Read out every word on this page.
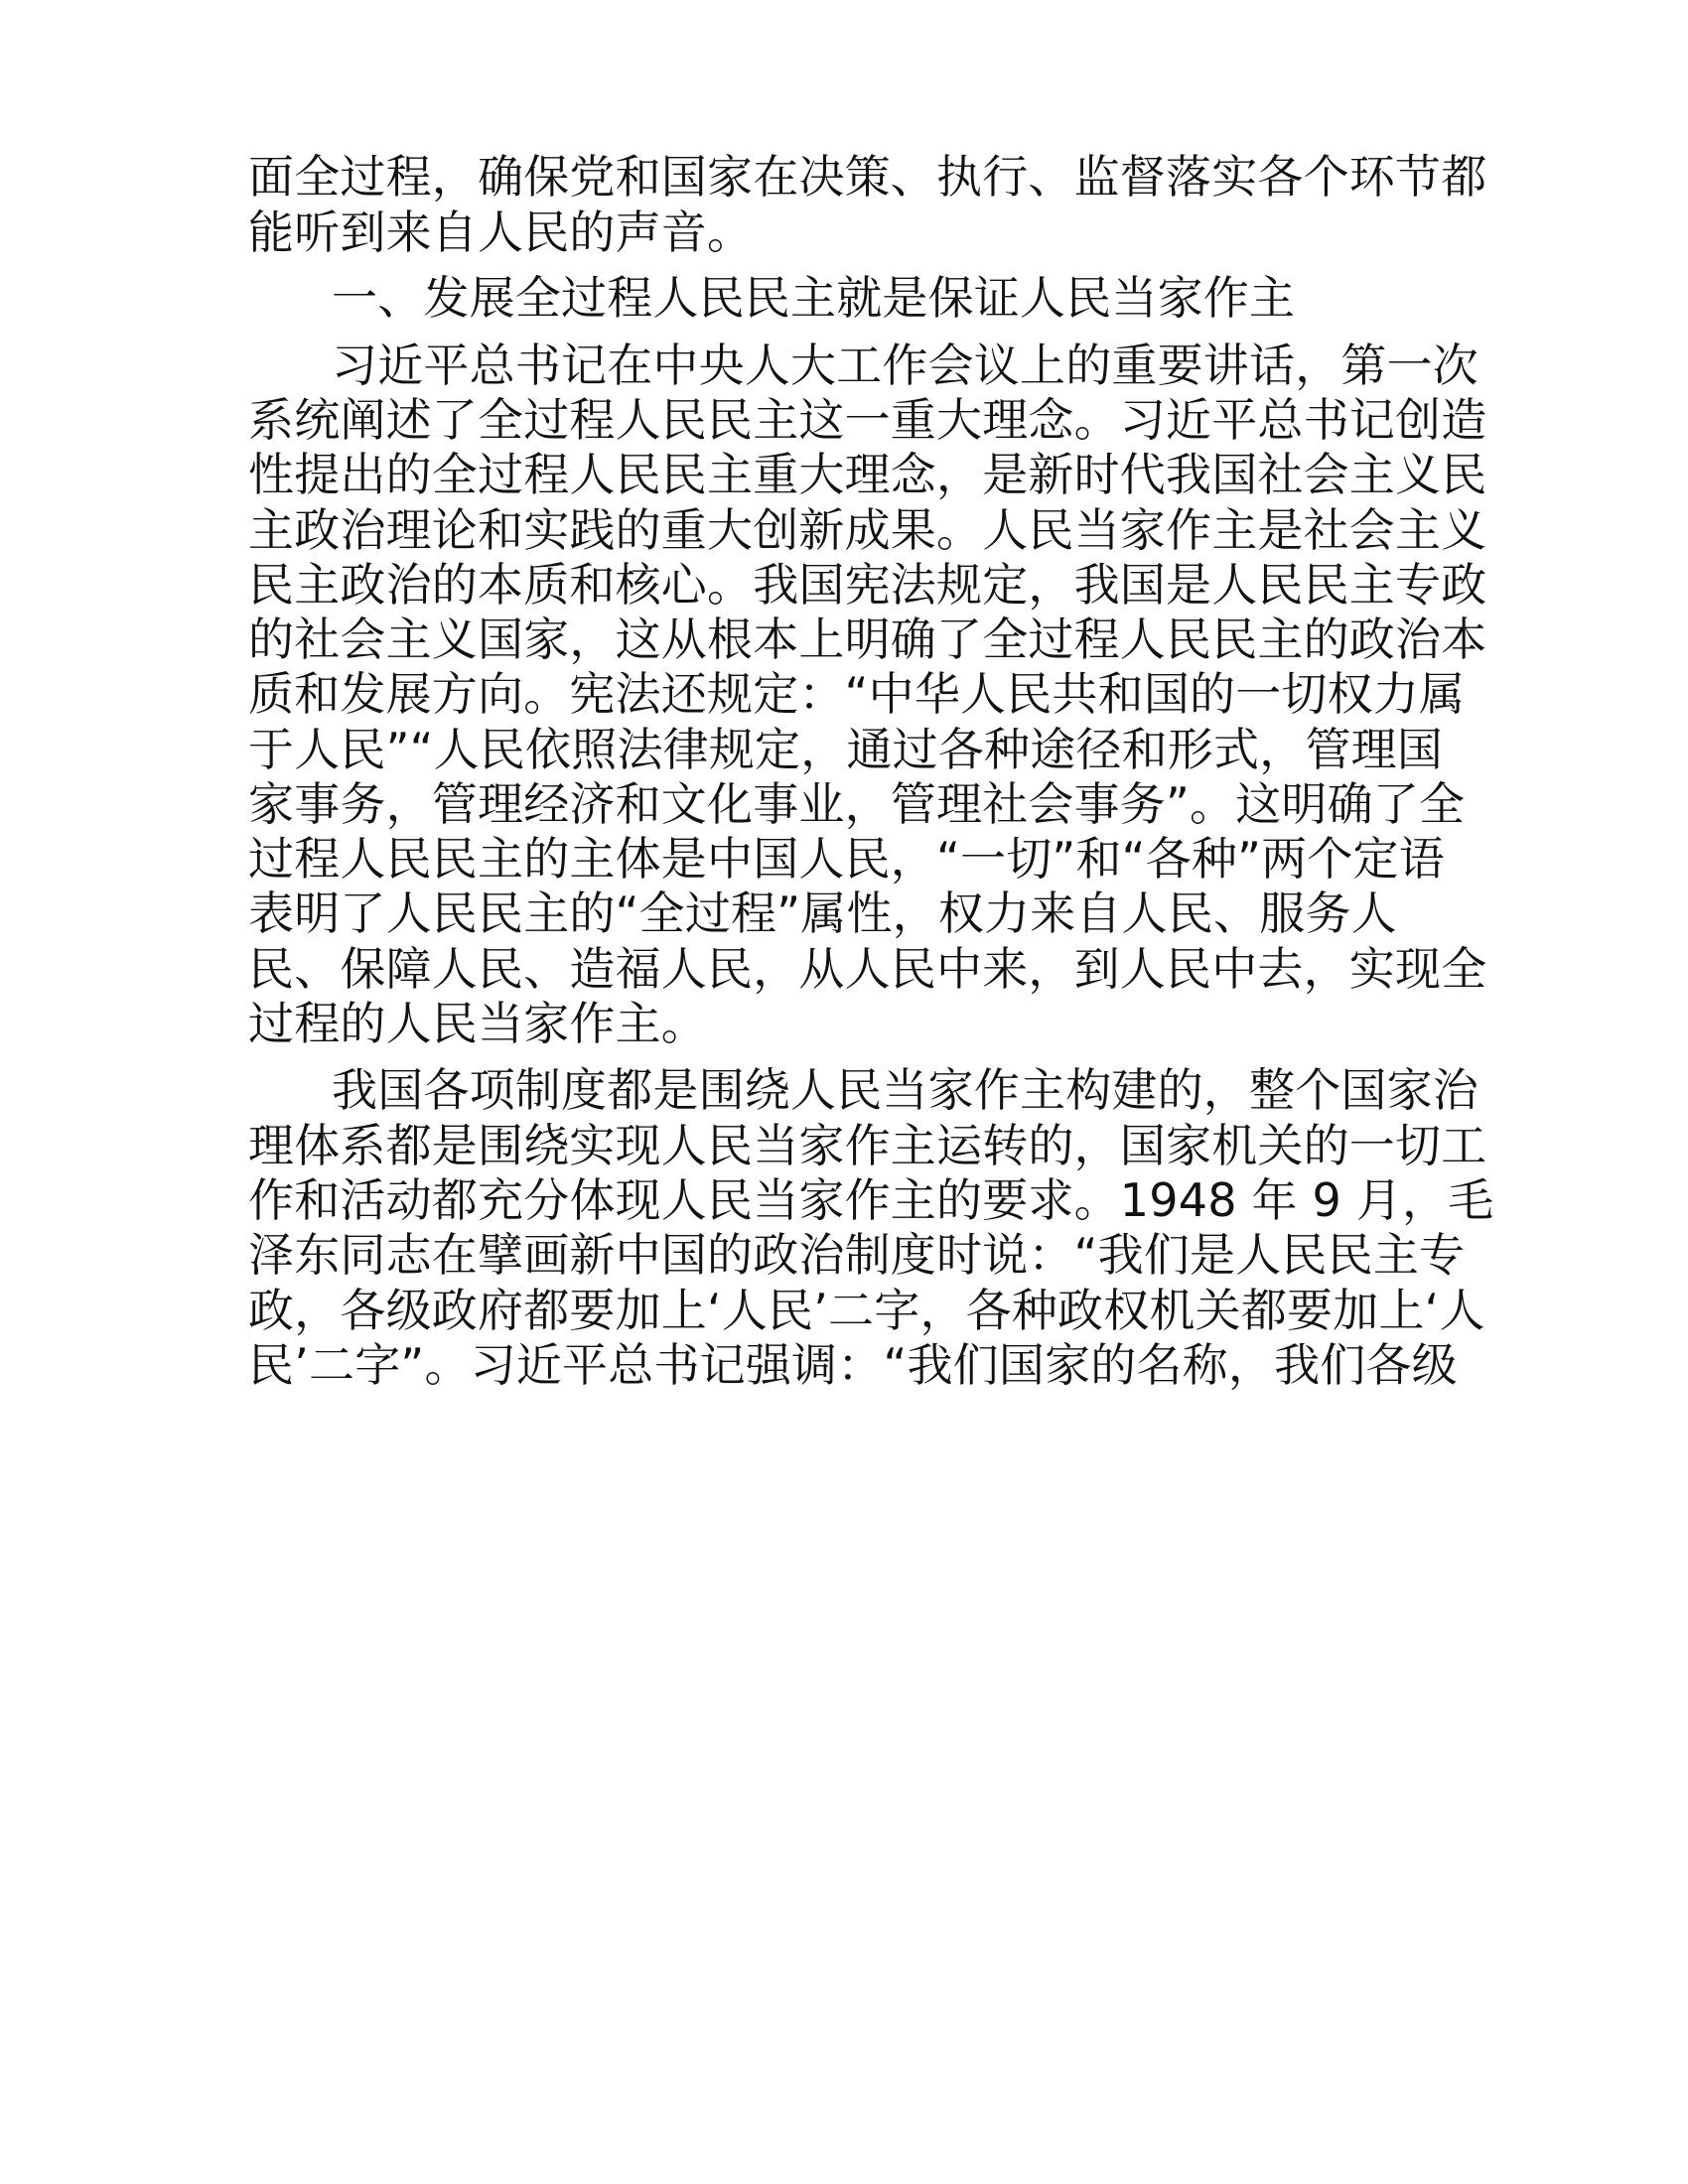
面全过程，确保党和国家在决策、执行、监督落实各个环节都
能听到来自人民的声音。
一、发展全过程人民民主就是保证人民当家作主
习近平总书记在中央人大工作会议上的重要讲话，第一次
系统阐述了全过程人民民主这一重大理念。习近平总书记创造
性提出的全过程人民民主重大理念，是新时代我国社会主义民
主政治理论和实践的重大创新成果。人民当家作主是社会主义
民主政治的本质和核心。我国宪法规定，我国是人民民主专政
的社会主义国家，这从根本上明确了全过程人民民主的政治本
质和发展方向。宪法还规定：“中华人民共和国的一切权力属
于人民”“人民依照法律规定，通过各种途径和形式，管理国
家事务，管理经济和文化事业，管理社会事务”。这明确了全
过程人民民主的主体是中国人民，“一切”和“各种”两个定语
表明了人民民主的“全过程”属性，权力来自人民、服务人
民、保障人民、造福人民，从人民中来，到人民中去，实现全
过程的人民当家作主。
我国各项制度都是围绕人民当家作主构建的，整个国家治
理体系都是围绕实现人民当家作主运转的，国家机关的一切工
作和活动都充分体现人民当家作主的要求。1948 年 9 月，毛
泽东同志在擘画新中国的政治制度时说：“我们是人民民主专
政，各级政府都要加上‘人民’二字，各种政权机关都要加上‘人
民’二字”。习近平总书记强调：“我们国家的名称，我们各级
